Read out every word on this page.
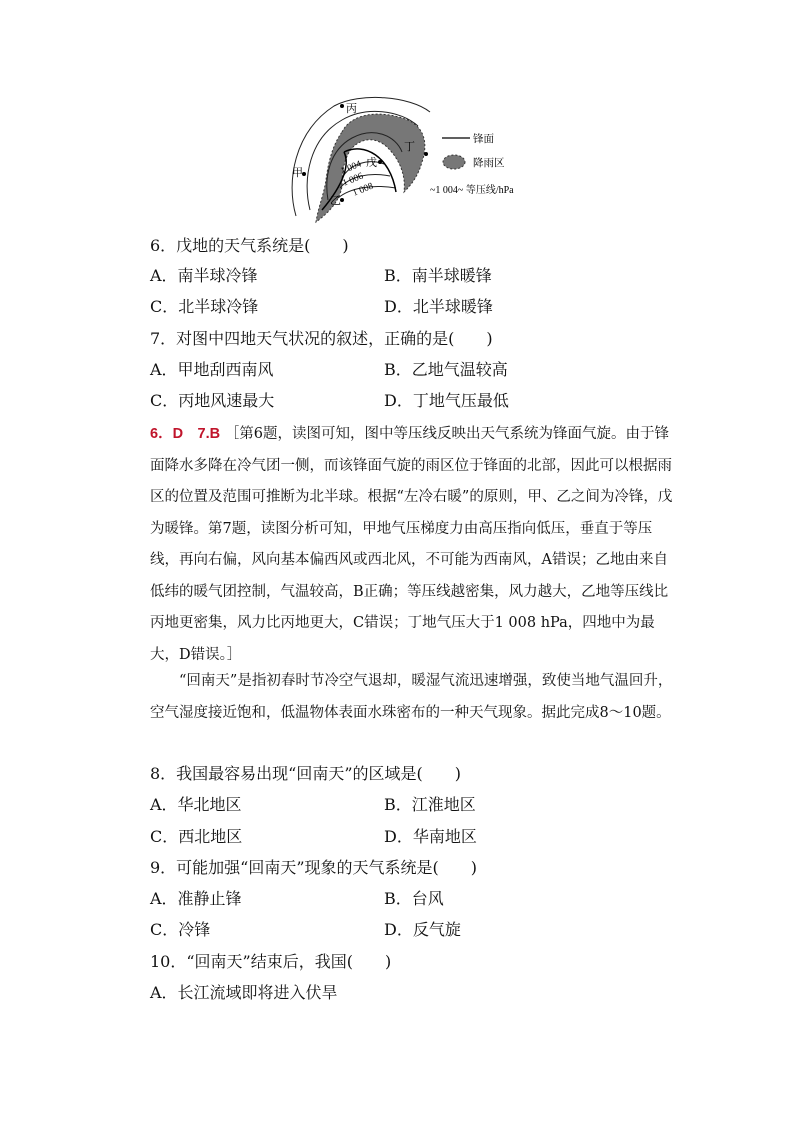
丙
丁
甲
乙
戊
1 004
1 006
1 008
锋面
降雨区
~1 004~ 等压线/hPa
6．戊地的天气系统是(　　)
A．南半球冷锋	B．南半球暖锋
C．北半球冷锋	D．北半球暖锋
7．对图中四地天气状况的叙述，正确的是(　　)
A．甲地刮西南风	B．乙地气温较高
C．丙地风速最大	D．丁地气压最低
6．D　7.B ［第6题，读图可知，图中等压线反映出天气系统为锋面气旋。由于锋面降水多降在冷气团一侧，而该锋面气旋的雨区位于锋面的北部，因此可以根据雨区的位置及范围可推断为北半球。根据“左冷右暖”的原则，甲、乙之间为冷锋，戊为暖锋。第7题，读图分析可知，甲地气压梯度力由高压指向低压，垂直于等压线，再向右偏，风向基本偏西风或西北风，不可能为西南风，A错误；乙地由来自低纬的暖气团控制，气温较高，B正确；等压线越密集，风力越大，乙地等压线比丙地更密集，风力比丙地更大，C错误；丁地气压大于1 008 hPa，四地中为最大，D错误。］
“回南天”是指初春时节冷空气退却，暖湿气流迅速增强，致使当地气温回升，空气湿度接近饱和，低温物体表面水珠密布的一种天气现象。据此完成8～10题。
8．我国最容易出现“回南天”的区域是(　　)
A．华北地区	B．江淮地区
C．西北地区	D．华南地区
9．可能加强“回南天”现象的天气系统是(　　)
A．准静止锋	B．台风
C．冷锋	D．反气旋
10．“回南天”结束后，我国(　　)
A．长江流域即将进入伏旱
